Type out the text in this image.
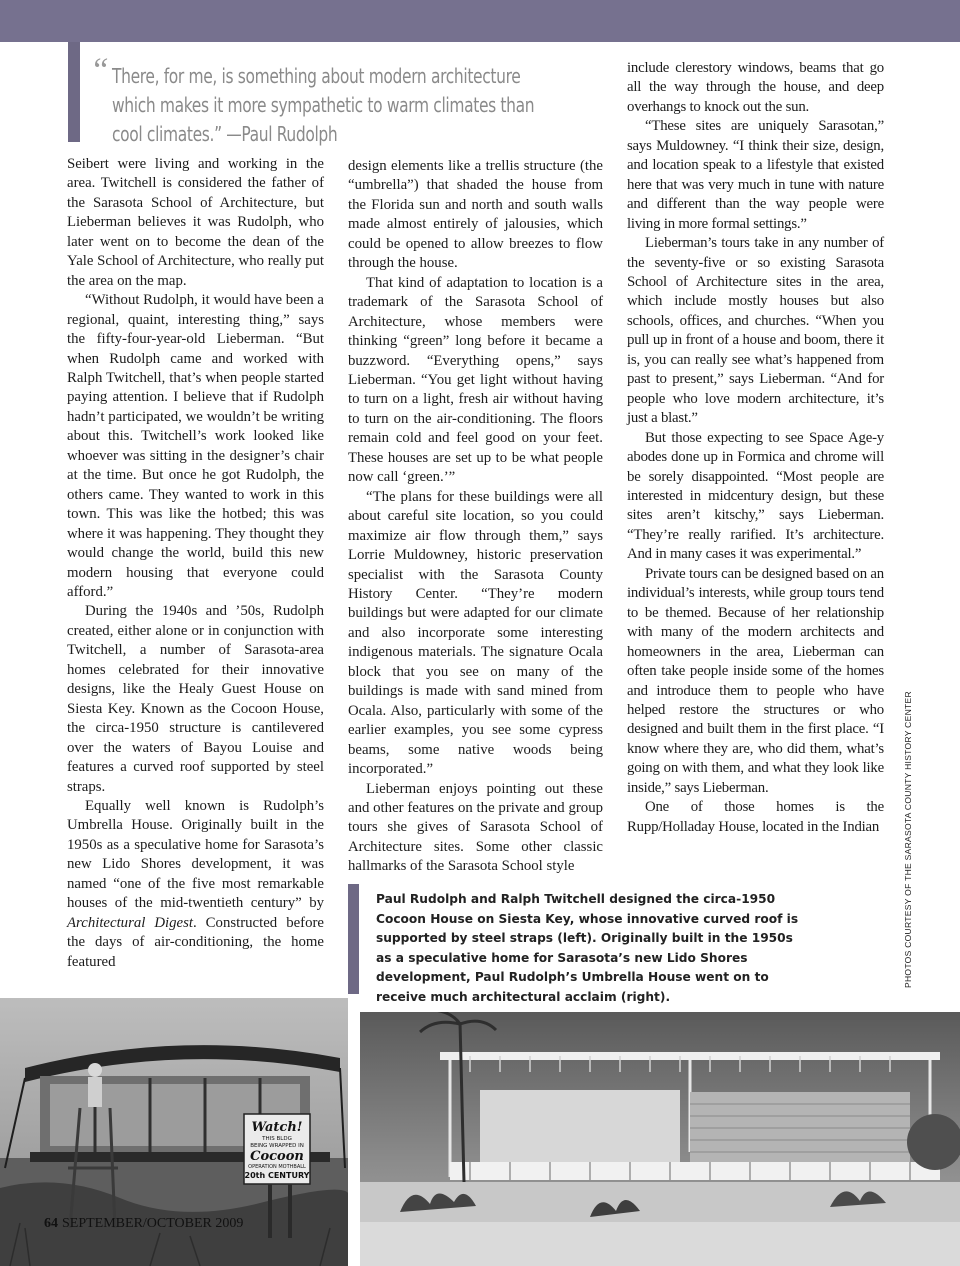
“ There, for me, is something about modern architecture which makes it more sympathetic to warm climates than cool climates.” —Paul Rudolph

Seibert were living and working in the area. Twitchell is considered the father of the Sarasota School of Architecture, but Lieberman believes it was Rudolph, who later went on to become the dean of the Yale School of Architecture, who really put the area on the map.

“Without Rudolph, it would have been a regional, quaint, interesting thing,” says the fifty-four-year-old Lieberman. “But when Rudolph came and worked with Ralph Twitchell, that’s when people started paying attention. I believe that if Rudolph hadn’t participated, we wouldn’t be writing about this. Twitchell’s work looked like whoever was sitting in the designer’s chair at the time. But once he got Rudolph, the others came. They wanted to work in this town. This was like the hotbed; this was where it was happening. They thought they would change the world, build this new modern housing that everyone could afford.”

During the 1940s and ’50s, Rudolph created, either alone or in conjunction with Twitchell, a number of Sarasota-area homes celebrated for their innovative designs, like the Healy Guest House on Siesta Key. Known as the Cocoon House, the circa-1950 structure is cantilevered over the waters of Bayou Louise and features a curved roof supported by steel straps.

Equally well known is Rudolph’s Umbrella House. Originally built in the 1950s as a speculative home for Sarasota’s new Lido Shores development, it was named “one of the five most remarkable houses of the mid-twentieth century” by Architectural Digest. Constructed before the days of air-conditioning, the home featured

design elements like a trellis structure (the “umbrella”) that shaded the house from the Florida sun and north and south walls made almost entirely of jalousies, which could be opened to allow breezes to flow through the house.

That kind of adaptation to location is a trademark of the Sarasota School of Architecture, whose members were thinking “green” long before it became a buzzword. “Everything opens,” says Lieberman. “You get light without having to turn on a light, fresh air without having to turn on the air-conditioning. The floors remain cold and feel good on your feet. These houses are set up to be what people now call ‘green.’”

“The plans for these buildings were all about careful site location, so you could maximize air flow through them,” says Lorrie Muldowney, historic preservation specialist with the Sarasota County History Center. “They’re modern buildings but were adapted for our climate and also incorporate some interesting indigenous materials. The signature Ocala block that you see on many of the buildings is made with sand mined from Ocala. Also, particularly with some of the earlier examples, you see some cypress beams, some native woods being incorporated.”

Lieberman enjoys pointing out these and other features on the private and group tours she gives of Sarasota School of Architecture sites. Some other classic hallmarks of the Sarasota School style

include clerestory windows, beams that go all the way through the house, and deep overhangs to knock out the sun.

“These sites are uniquely Sarasotan,” says Muldowney. “I think their size, design, and location speak to a lifestyle that existed here that was very much in tune with nature and different than the way people were living in more formal settings.”

Lieberman’s tours take in any number of the seventy-five or so existing Sarasota School of Architecture sites in the area, which include mostly houses but also schools, offices, and churches. “When you pull up in front of a house and boom, there it is, you can really see what’s happened from past to present,” says Lieberman. “And for people who love modern architecture, it’s just a blast.”

But those expecting to see Space Age-y abodes done up in Formica and chrome will be sorely disappointed. “Most people are interested in midcentury design, but these sites aren’t kitschy,” says Lieberman. “They’re really rarified. It’s architecture. And in many cases it was experimental.”

Private tours can be designed based on an individual’s interests, while group tours tend to be themed. Because of her relationship with many of the modern architects and homeowners in the area, Lieberman can often take people inside some of the homes and introduce them to people who have helped restore the structures or who designed and built them in the first place. “I know where they are, who did them, what’s going on with them, and what they look like inside,” says Lieberman.

One of those homes is the Rupp/Holladay House, located in the Indian

Paul Rudolph and Ralph Twitchell designed the circa-1950 Cocoon House on Siesta Key, whose innovative curved roof is supported by steel straps (left). Originally built in the 1950s as a speculative home for Sarasota’s new Lido Shores development, Paul Rudolph’s Umbrella House went on to receive much architectural acclaim (right).
PHOTOS COURTESY OF THE SARASOTA COUNTY HISTORY CENTER
Watch!
THIS BLDG
BEING WRAPPED IN
Cocoon
OPERATION MOTHBALL
20th CENTURY
64 SEPTEMBER/OCTOBER 2009
